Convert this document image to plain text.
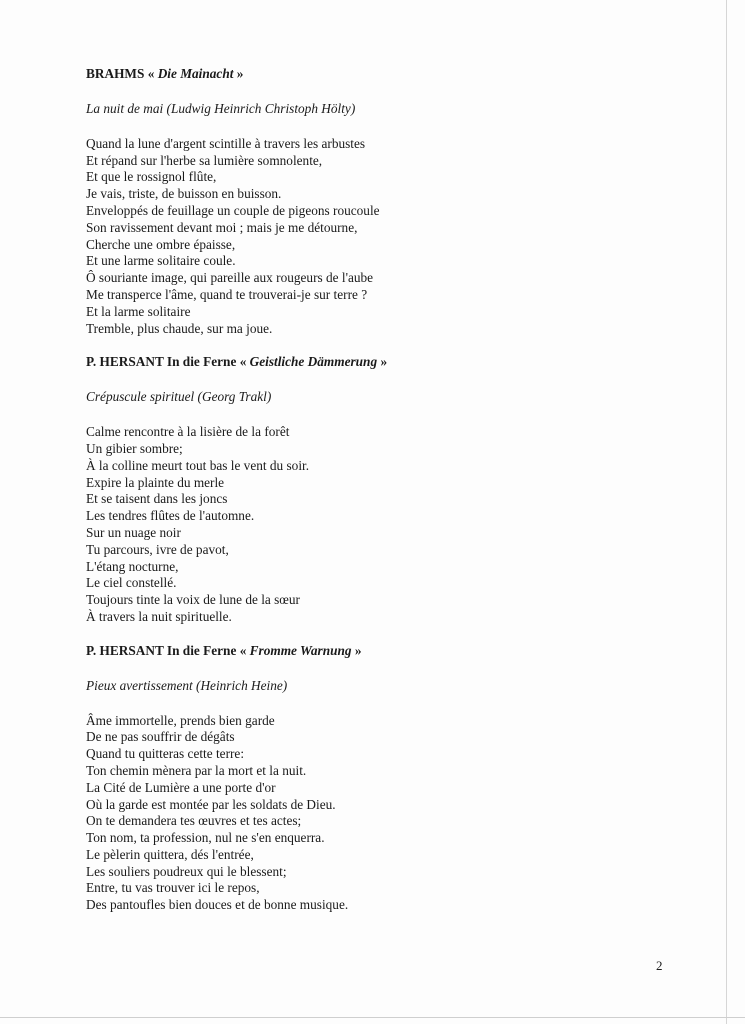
BRAHMS « Die Mainacht »

La nuit de mai (Ludwig Heinrich Christoph Hölty)

Quand la lune d'argent scintille à travers les arbustes
Et répand sur l'herbe sa lumière somnolente,
Et que le rossignol flûte,
Je vais, triste, de buisson en buisson.
Enveloppés de feuillage un couple de pigeons roucoule
Son ravissement devant moi ; mais je me détourne,
Cherche une ombre épaisse,
Et une larme solitaire coule.
Ô souriante image, qui pareille aux rougeurs de l'aube
Me transperce l'âme, quand te trouverai-je sur terre ?
Et la larme solitaire
Tremble, plus chaude, sur ma joue.

P. HERSANT In die Ferne « Geistliche Dämmerung »

Crépuscule spirituel (Georg Trakl)

Calme rencontre à la lisière de la forêt
Un gibier sombre;
À la colline meurt tout bas le vent du soir.
Expire la plainte du merle
Et se taisent dans les joncs
Les tendres flûtes de l'automne.
Sur un nuage noir
Tu parcours, ivre de pavot,
L'étang nocturne,
Le ciel constellé.
Toujours tinte la voix de lune de la sœur
À travers la nuit spirituelle.

P. HERSANT In die Ferne « Fromme Warnung »

Pieux avertissement (Heinrich Heine)

Âme immortelle, prends bien garde
De ne pas souffrir de dégâts
Quand tu quitteras cette terre:
Ton chemin mènera par la mort et la nuit.
La Cité de Lumière a une porte d'or
Où la garde est montée par les soldats de Dieu.
On te demandera tes œuvres et tes actes;
Ton nom, ta profession, nul ne s'en enquerra.
Le pèlerin quittera, dés l'entrée,
Les souliers poudreux qui le blessent;
Entre, tu vas trouver ici le repos,
Des pantoufles bien douces et de bonne musique.
2
